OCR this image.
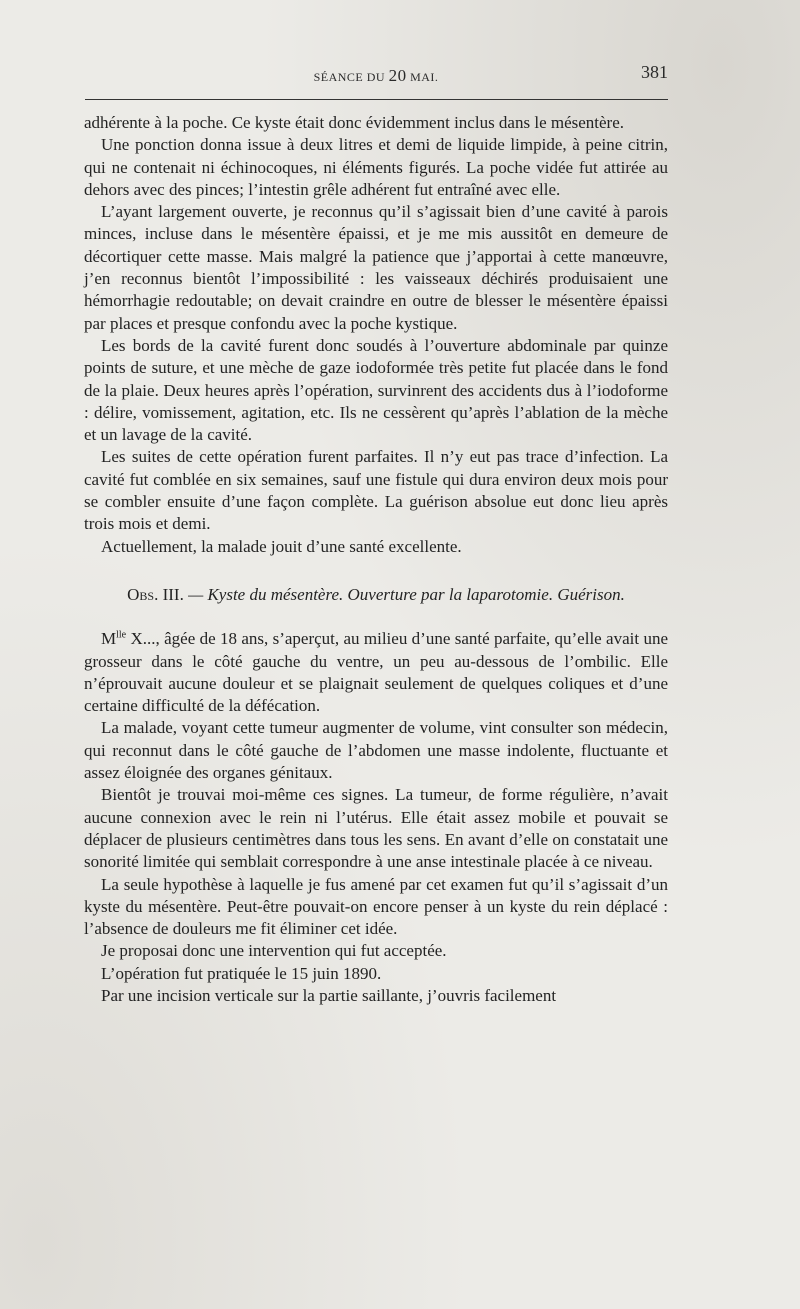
SÉANCE DU 20 MAI.	381

adhérente à la poche. Ce kyste était donc évidemment inclus dans le mésentère.

Une ponction donna issue à deux litres et demi de liquide limpide, à peine citrin, qui ne contenait ni échinocoques, ni éléments figurés. La poche vidée fut attirée au dehors avec des pinces; l’intestin grêle adhérent fut entraîné avec elle.

L’ayant largement ouverte, je reconnus qu’il s’agissait bien d’une cavité à parois minces, incluse dans le mésentère épaissi, et je me mis aussitôt en demeure de décortiquer cette masse. Mais malgré la patience que j’apportai à cette manœuvre, j’en reconnus bientôt l’impossibilité : les vaisseaux déchirés produisaient une hémorrhagie redoutable; on devait craindre en outre de blesser le mésentère épaissi par places et presque confondu avec la poche kystique.

Les bords de la cavité furent donc soudés à l’ouverture abdominale par quinze points de suture, et une mèche de gaze iodoformée très petite fut placée dans le fond de la plaie. Deux heures après l’opération, survinrent des accidents dus à l’iodoforme : délire, vomissement, agitation, etc. Ils ne cessèrent qu’après l’ablation de la mèche et un lavage de la cavité.

Les suites de cette opération furent parfaites. Il n’y eut pas trace d’infection. La cavité fut comblée en six semaines, sauf une fistule qui dura environ deux mois pour se combler ensuite d’une façon complète. La guérison absolue eut donc lieu après trois mois et demi.

Actuellement, la malade jouit d’une santé excellente.

Obs. III. — Kyste du mésentère. Ouverture par la laparotomie. Guérison.

$M^{lle}$ X..., âgée de 18 ans, s’aperçut, au milieu d’une santé parfaite, qu’elle avait une grosseur dans le côté gauche du ventre, un peu au-dessous de l’ombilic. Elle n’éprouvait aucune douleur et se plaignait seulement de quelques coliques et d’une certaine difficulté de la défécation.

La malade, voyant cette tumeur augmenter de volume, vint consulter son médecin, qui reconnut dans le côté gauche de l’abdomen une masse indolente, fluctuante et assez éloignée des organes génitaux.

Bientôt je trouvai moi-même ces signes. La tumeur, de forme régulière, n’avait aucune connexion avec le rein ni l’utérus. Elle était assez mobile et pouvait se déplacer de plusieurs centimètres dans tous les sens. En avant d’elle on constatait une sonorité limitée qui semblait correspondre à une anse intestinale placée à ce niveau.

La seule hypothèse à laquelle je fus amené par cet examen fut qu’il s’agissait d’un kyste du mésentère. Peut-être pouvait-on encore penser à un kyste du rein déplacé : l’absence de douleurs me fit éliminer cet idée.

Je proposai donc une intervention qui fut acceptée.

L’opération fut pratiquée le 15 juin 1890.

Par une incision verticale sur la partie saillante, j’ouvris facilement
